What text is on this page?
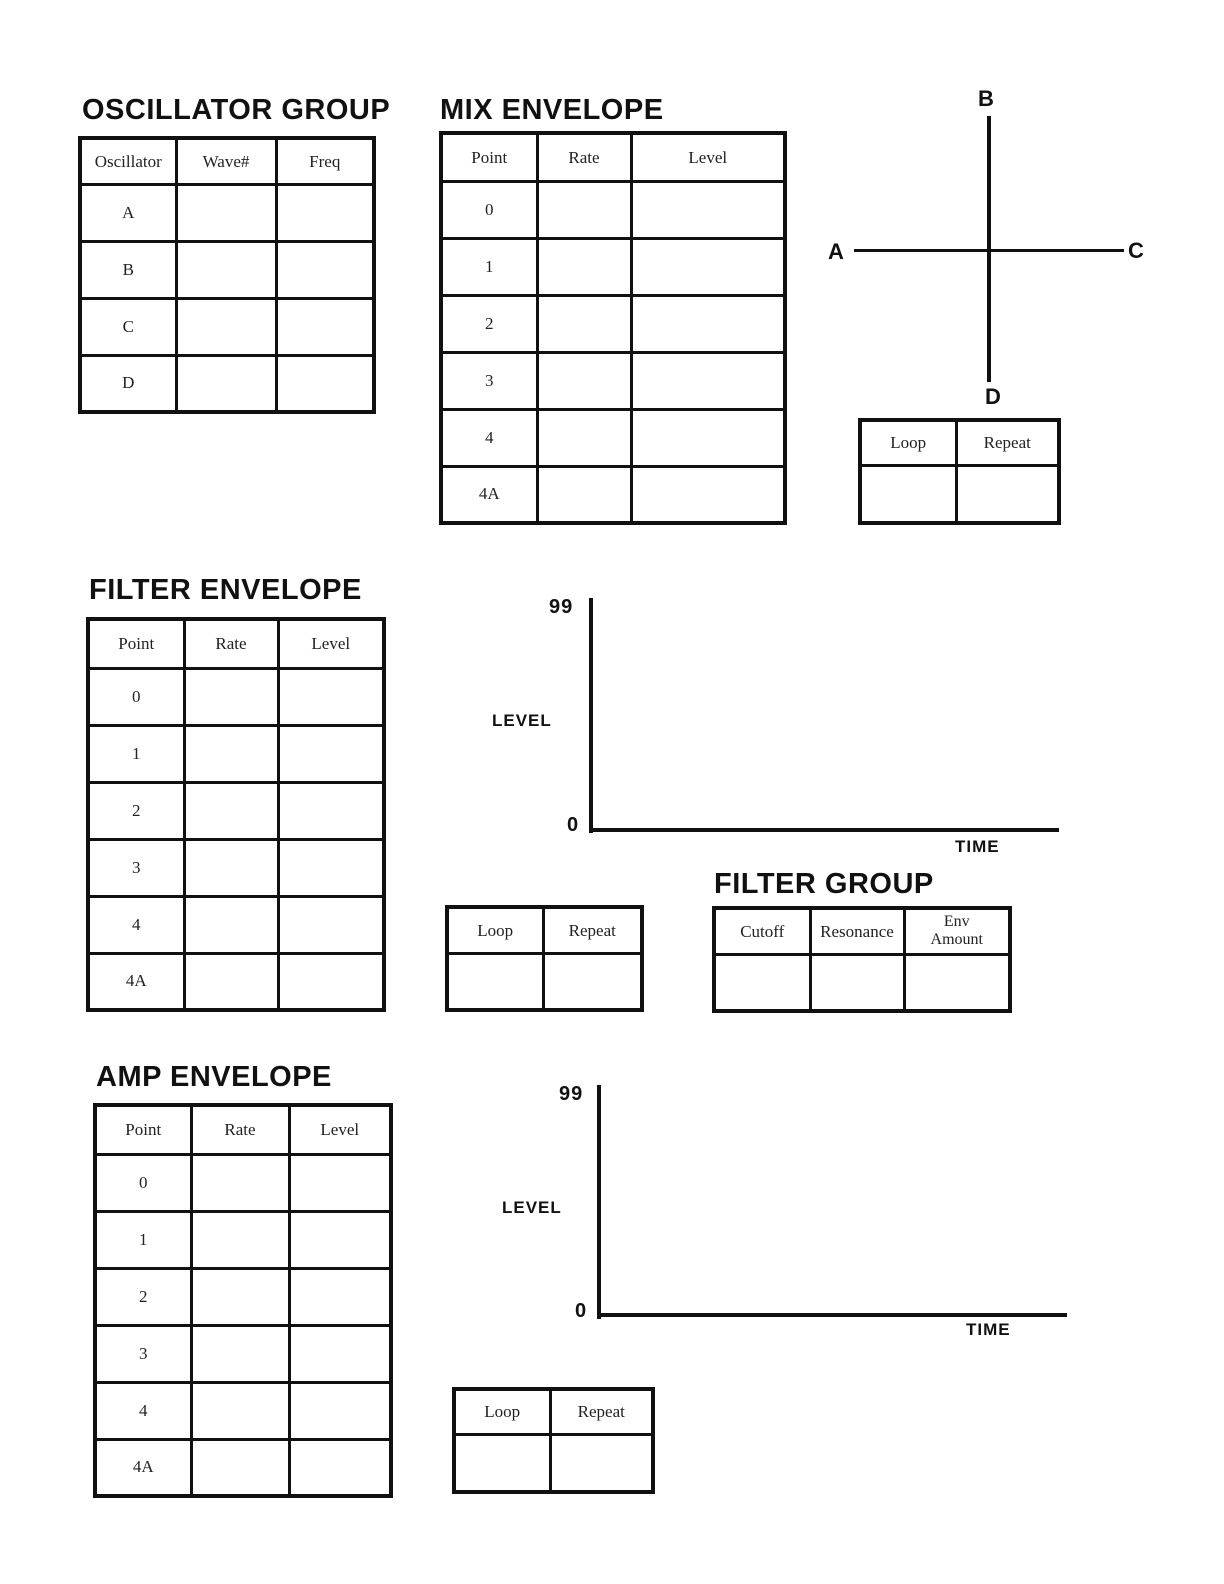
OSCILLATOR GROUP
Oscillator	Wave#	Freq
A		
B		
C		
D		
MIX ENVELOPE
Point	Rate	Level
0		
1		
2		
3		
4		
4A		
B
A	C
D
Loop	Repeat

FILTER ENVELOPE
Point	Rate	Level
0		
1		
2		
3		
4		
4A		
99
0
LEVEL
TIME
Loop	Repeat

FILTER GROUP
Cutoff	Resonance	Env Amount

AMP ENVELOPE
Point	Rate	Level
0		
1		
2		
3		
4		
4A		
99
0
LEVEL
TIME
Loop	Repeat
